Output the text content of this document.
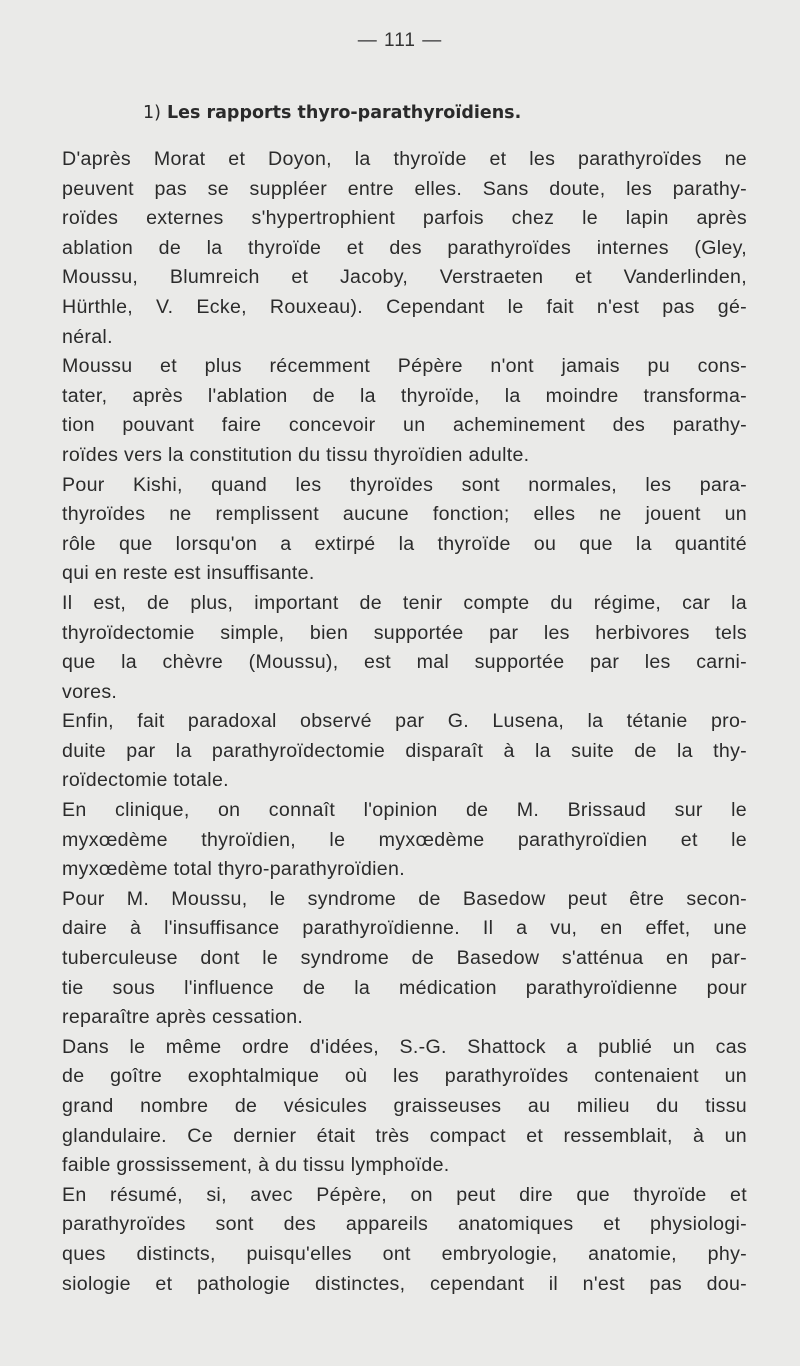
— 111 —
1) Les rapports thyro-parathyroïdiens.

D'après Morat et Doyon, la thyroïde et les parathyroïdes ne
peuvent pas se suppléer entre elles. Sans doute, les parathy-
roïdes externes s'hypertrophient parfois chez le lapin après
ablation de la thyroïde et des parathyroïdes internes (Gley,
Moussu, Blumreich et Jacoby, Verstraeten et Vanderlinden,
Hürthle, V. Ecke, Rouxeau). Cependant le fait n'est pas gé-
néral.

Moussu et plus récemment Pépère n'ont jamais pu cons-
tater, après l'ablation de la thyroïde, la moindre transforma-
tion pouvant faire concevoir un acheminement des parathy-
roïdes vers la constitution du tissu thyroïdien adulte.

Pour Kishi, quand les thyroïdes sont normales, les para-
thyroïdes ne remplissent aucune fonction; elles ne jouent un
rôle que lorsqu'on a extirpé la thyroïde ou que la quantité
qui en reste est insuffisante.

Il est, de plus, important de tenir compte du régime, car la
thyroïdectomie simple, bien supportée par les herbivores tels
que la chèvre (Moussu), est mal supportée par les carni-
vores.

Enfin, fait paradoxal observé par G. Lusena, la tétanie pro-
duite par la parathyroïdectomie disparaît à la suite de la thy-
roïdectomie totale.

En clinique, on connaît l'opinion de M. Brissaud sur le
myxœdème thyroïdien, le myxœdème parathyroïdien et le
myxœdème total thyro-parathyroïdien.

Pour M. Moussu, le syndrome de Basedow peut être secon-
daire à l'insuffisance parathyroïdienne. Il a vu, en effet, une
tuberculeuse dont le syndrome de Basedow s'atténua en par-
tie sous l'influence de la médication parathyroïdienne pour
reparaître après cessation.

Dans le même ordre d'idées, S.-G. Shattock a publié un cas
de goître exophtalmique où les parathyroïdes contenaient un
grand nombre de vésicules graisseuses au milieu du tissu
glandulaire. Ce dernier était très compact et ressemblait, à un
faible grossissement, à du tissu lymphoïde.

En résumé, si, avec Pépère, on peut dire que thyroïde et
parathyroïdes sont des appareils anatomiques et physiologi-
ques distincts, puisqu'elles ont embryologie, anatomie, phy-
siologie et pathologie distinctes, cependant il n'est pas dou-
